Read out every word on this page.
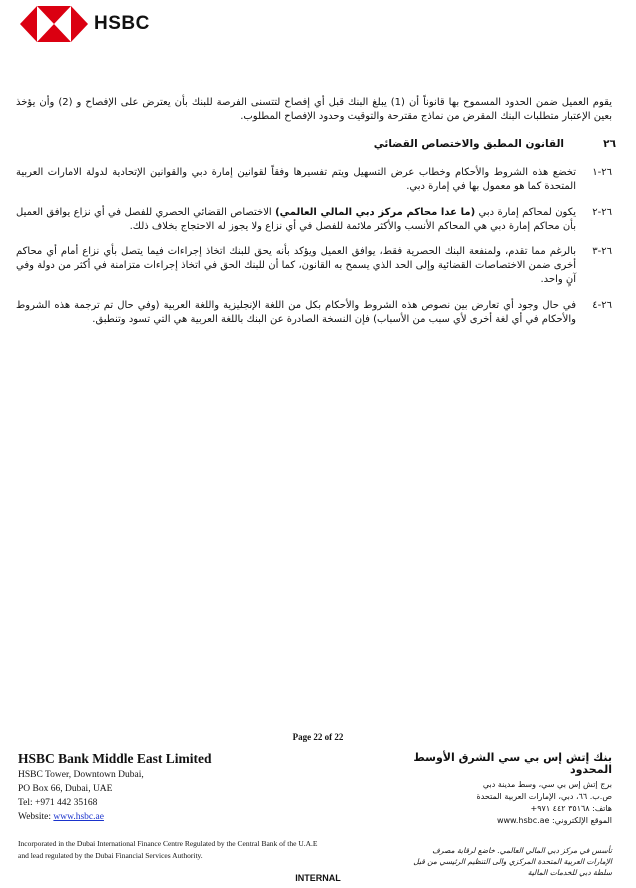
HSBC
يقوم العميل ضمن الحدود المسموح بها قانوناً أن (1) يبلغ البنك قبل أي إفصاح لتتسنى الفرصة للبنك بأن يعترض على الإفصاح و (2) وأن يؤخذ بعين الإعتبار متطلبات البنك المقرض من نماذج مقترحة والتوقيت وحدود الإفصاح المطلوب.
٢٦
القانون المطبق والاختصاص القضائي
٢٦-١
تخضع هذه الشروط والأحكام وخطاب عرض التسهيل ويتم تفسيرها وفقاً لقوانين إمارة دبي والقوانين الإتحادية لدولة الامارات العربية المتحدة كما هو معمول بها في إمارة دبي.
٢٦-٢
يكون لمحاكم إمارة دبي (ما عدا محاكم مركز دبي المالي العالمي) الاختصاص القضائي الحصري للفصل في أي نزاع يوافق العميل بأن محاكم إمارة دبي هي المحاكم الأنسب والأكثر ملائمة للفصل في أي نزاع ولا يجوز له الاحتجاج بخلاف ذلك.
٢٦-٣
بالرغم مما تقدم، ولمنفعة البنك الحصرية فقط، يوافق العميل ويؤكد بأنه يحق للبنك اتخاذ إجراءات فيما يتصل بأي نزاع أمام أي محاكم أخرى ضمن الاختصاصات القضائية وإلى الحد الذي يسمح به القانون، كما أن للبنك الحق في اتخاذ إجراءات متزامنة في أكثر من دولة وفي آنٍ واحد.
٢٦-٤
في حال وجود أي تعارض بين نصوص هذه الشروط والأحكام بكل من اللغة الإنجليزية واللغة العربية (وفي حال تم ترجمة هذه الشروط والأحكام في أي لغة أخرى لأي سبب من الأسباب) فإن النسخة الصادرة عن البنك باللغة العربية هي التي تسود وتنطبق.
Page 22 of 22
HSBC Bank Middle East Limited
HSBC Tower, Downtown Dubai,
PO Box 66, Dubai, UAE
Tel: +971 442 35168
Website: www.hsbc.ae
Incorporated in the Dubai International Finance Centre Regulated by the Central Bank of the U.A.E and lead regulated by the Dubai Financial Services Authority.
بنك إتش إس بي سي الشرق الأوسط المحدود
برج إتش إس بي سي، وسط مدينة دبي
ص.ب. ٦٦، دبي، الإمارات العربية المتحدة
هاتف: ٣٥١٦٨ ٤٤٢ ٩٧١+
الموقع الإلكتروني: www.hsbc.ae
تأسس في مركز دبي المالي العالمي. خاضع لرقابة مصرف الإمارات العربية المتحدة المركزي والى التنظيم الرئيسي من قبل سلطة دبي للخدمات المالية
INTERNAL
